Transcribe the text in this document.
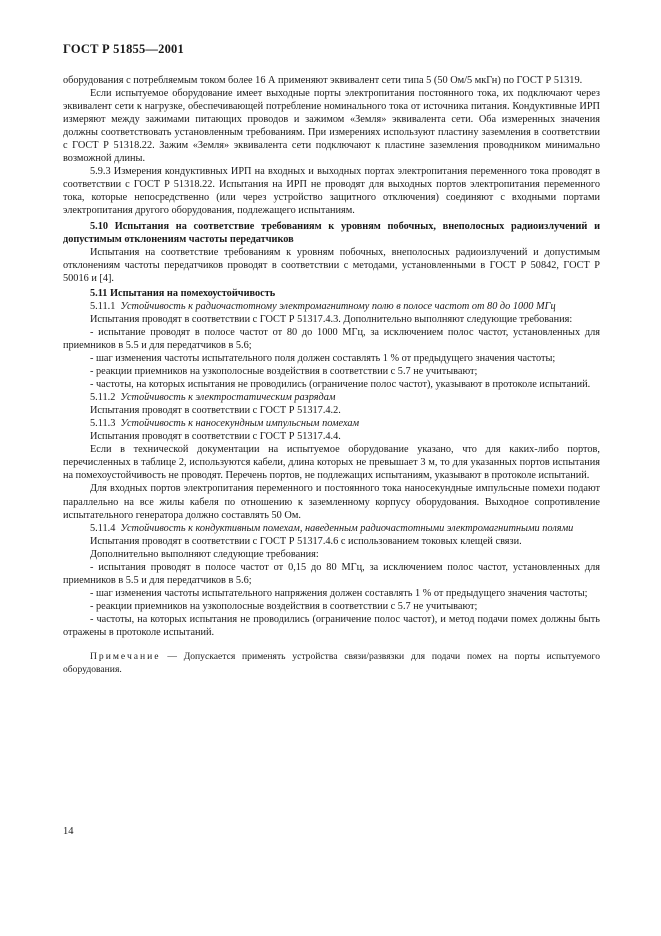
ГОСТ Р 51855—2001

оборудования с потребляемым током более 16 А применяют эквивалент сети типа 5 (50 Ом/5 мкГн) по ГОСТ Р 51319.

Если испытуемое оборудование имеет выходные порты электропитания постоянного тока, их подключают через эквивалент сети к нагрузке, обеспечивающей потребление номинального тока от источника питания. Кондуктивные ИРП измеряют между зажимами питающих проводов и зажимом «Земля» эквивалента сети. Оба измеренных значения должны соответствовать установленным требованиям. При измерениях используют пластину заземления в соответствии с ГОСТ Р 51318.22. Зажим «Земля» эквивалента сети подключают к пластине заземления проводником минимально возможной длины.

5.9.3 Измерения кондуктивных ИРП на входных и выходных портах электропитания переменного тока проводят в соответствии с ГОСТ Р 51318.22. Испытания на ИРП не проводят для выходных портов электропитания переменного тока, которые непосредственно (или через устройство защитного отключения) соединяют с входными портами электропитания другого оборудования, подлежащего испытаниям.

5.10 Испытания на соответствие требованиям к уровням побочных, внеполосных радиоизлучений и допустимым отклонениям частоты передатчиков

Испытания на соответствие требованиям к уровням побочных, внеполосных радиоизлучений и допустимым отклонениям частоты передатчиков проводят в соответствии с методами, установленными в ГОСТ Р 50842, ГОСТ Р 50016 и [4].

5.11 Испытания на помехоустойчивость

5.11.1 Устойчивость к радиочастотному электромагнитному полю в полосе частот от 80 до 1000 МГц

Испытания проводят в соответствии с ГОСТ Р 51317.4.3. Дополнительно выполняют следующие требования:

- испытание проводят в полосе частот от 80 до 1000 МГц, за исключением полос частот, установленных для приемников в 5.5 и для передатчиков в 5.6;

- шаг изменения частоты испытательного поля должен составлять 1 % от предыдущего значения частоты;

- реакции приемников на узкополосные воздействия в соответствии с 5.7 не учитывают;

- частоты, на которых испытания не проводились (ограничение полос частот), указывают в протоколе испытаний.

5.11.2 Устойчивость к электростатическим разрядам

Испытания проводят в соответствии с ГОСТ Р 51317.4.2.

5.11.3 Устойчивость к наносекундным импульсным помехам

Испытания проводят в соответствии с ГОСТ Р 51317.4.4.

Если в технической документации на испытуемое оборудование указано, что для каких-либо портов, перечисленных в таблице 2, используются кабели, длина которых не превышает 3 м, то для указанных портов испытания на помехоустойчивость не проводят. Перечень портов, не подлежащих испытаниям, указывают в протоколе испытаний.

Для входных портов электропитания переменного и постоянного тока наносекундные импульсные помехи подают параллельно на все жилы кабеля по отношению к заземленному корпусу оборудования. Выходное сопротивление испытательного генератора должно составлять 50 Ом.

5.11.4 Устойчивость к кондуктивным помехам, наведенным радиочастотными электромагнитными полями

Испытания проводят в соответствии с ГОСТ Р 51317.4.6 с использованием токовых клещей связи.

Дополнительно выполняют следующие требования:

- испытания проводят в полосе частот от 0,15 до 80 МГц, за исключением полос частот, установленных для приемников в 5.5 и для передатчиков в 5.6;

- шаг изменения частоты испытательного напряжения должен составлять 1 % от предыдущего значения частоты;

- реакции приемников на узкополосные воздействия в соответствии с 5.7 не учитывают;

- частоты, на которых испытания не проводились (ограничение полос частот), и метод подачи помех должны быть отражены в протоколе испытаний.

Примечание — Допускается применять устройства связи/развязки для подачи помех на порты испытуемого оборудования.

14
